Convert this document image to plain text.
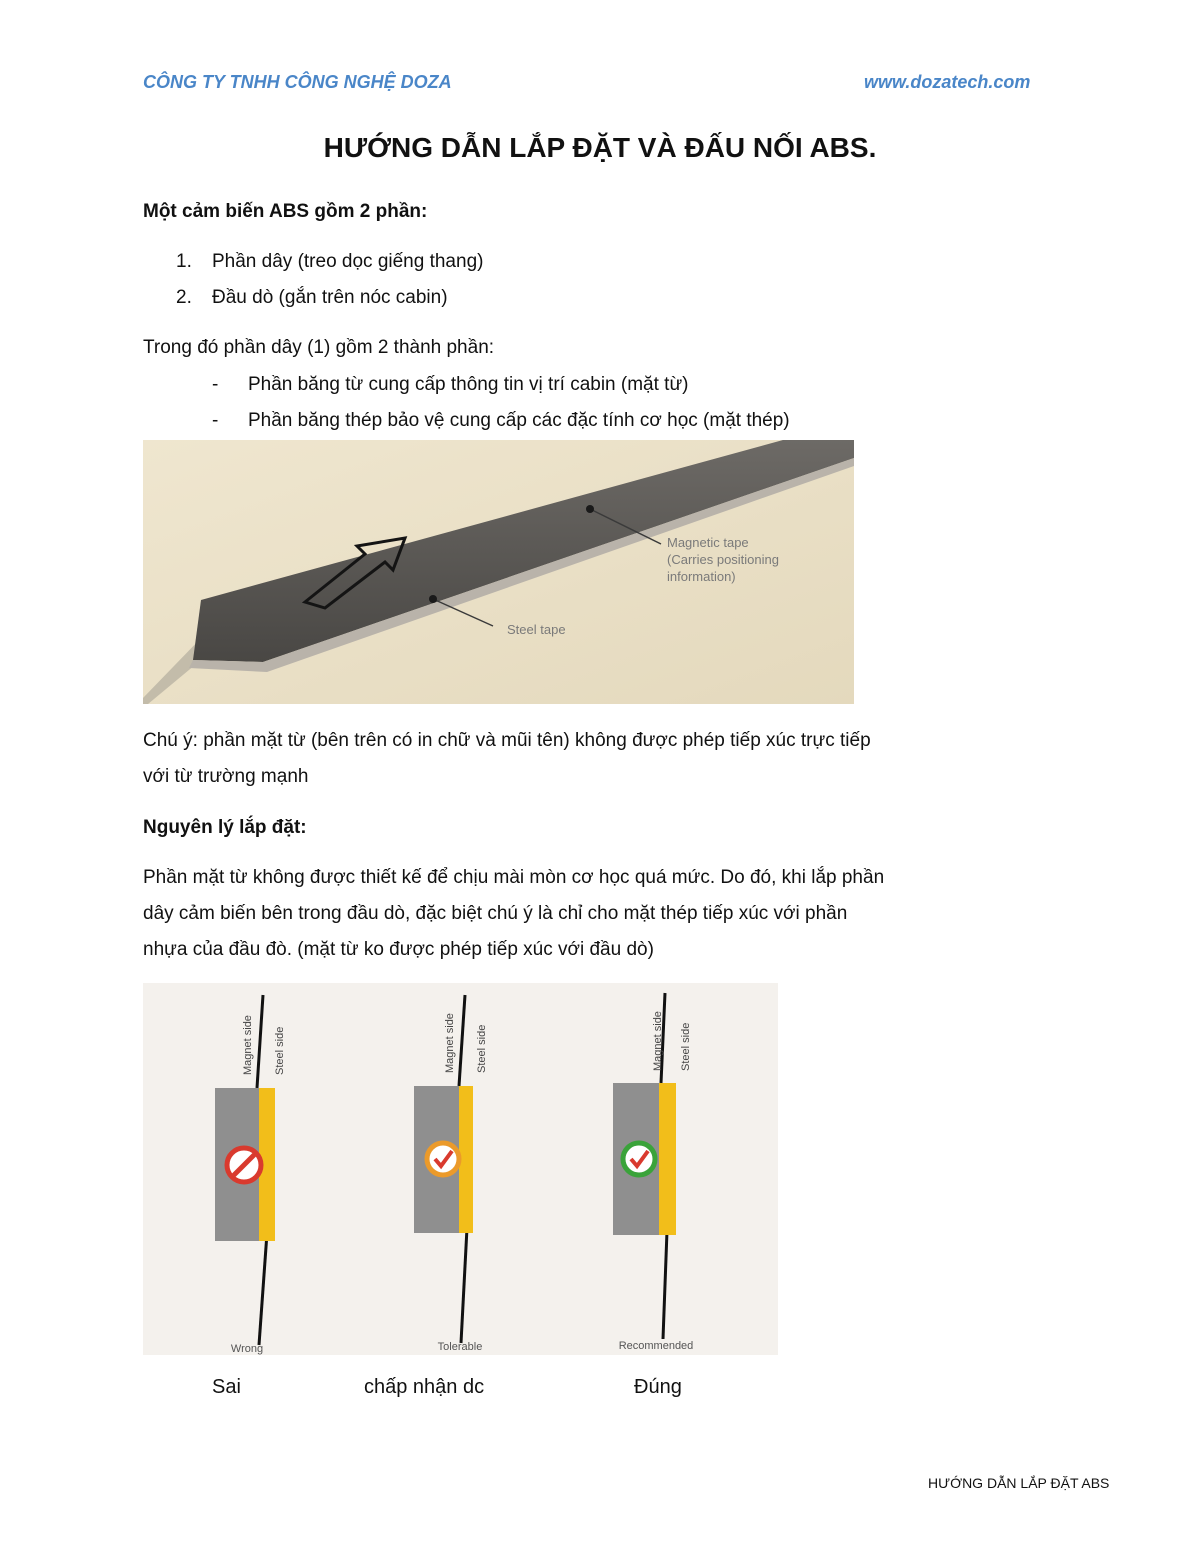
CÔNG TY TNHH CÔNG NGHỆ DOZA	www.dozatech.com
HƯỚNG DẪN LẮP ĐẶT VÀ ĐẤU NỐI ABS.
Một cảm biến ABS gồm 2 phần:
1. Phần dây (treo dọc giếng thang)
2. Đầu dò (gắn trên nóc cabin)
Trong đó phần dây (1) gồm 2 thành phần:
- Phần băng từ cung cấp thông tin vị trí cabin (mặt từ)
- Phần băng thép bảo vệ cung cấp các đặc tính cơ học (mặt thép)
Magnetic tape
(Carries positioning
information)
Steel tape
Chú ý: phần mặt từ (bên trên có in chữ và mũi tên) không được phép tiếp xúc trực tiếp
với từ trường mạnh
Nguyên lý lắp đặt:
Phần mặt từ không được thiết kế để chịu mài mòn cơ học quá mức. Do đó, khi lắp phần
dây cảm biến bên trong đầu dò, đặc biệt chú ý là chỉ cho mặt thép tiếp xúc với phần
nhựa của đầu đò. (mặt từ ko được phép tiếp xúc với đầu dò)
Magnet side Steel side
Wrong
Magnet side Steel side
Tolerable
Magnet side Steel side
Recommended
Sai	chấp nhận dc	Đúng
HƯỚNG DẪN LẮP ĐẶT ABS
